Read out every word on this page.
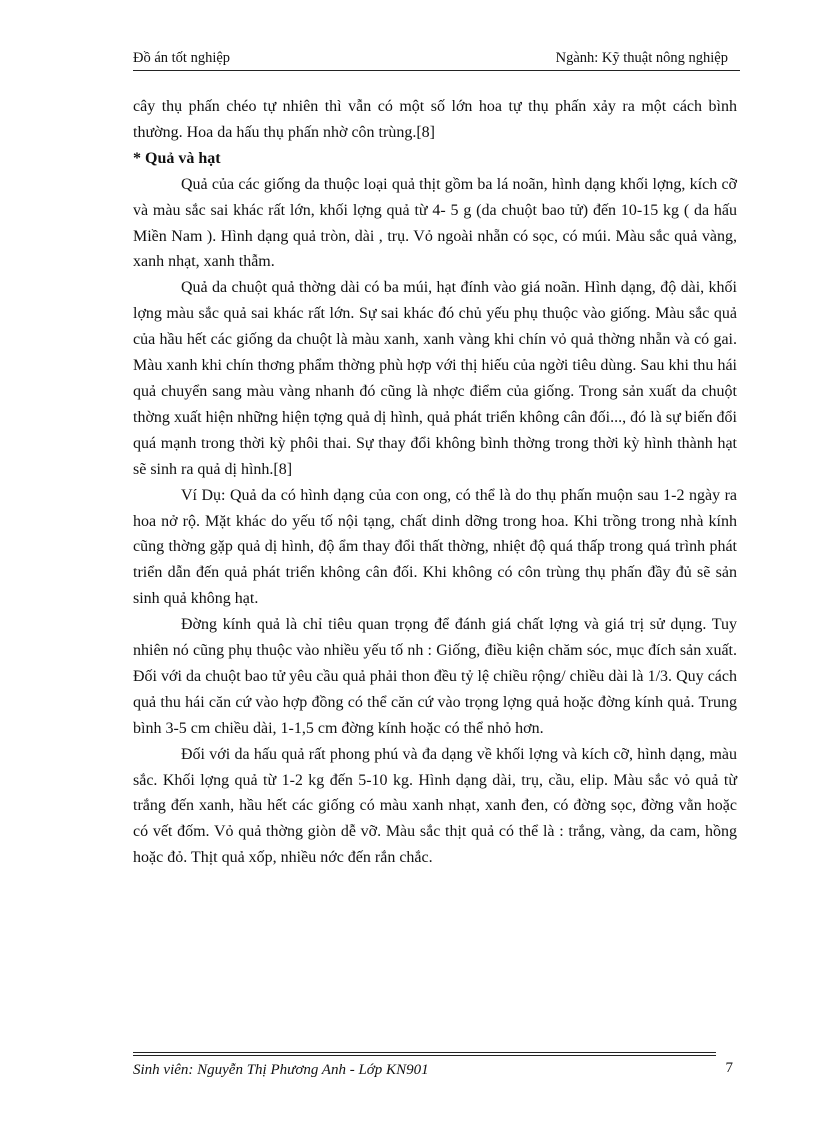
Đồ án tốt nghiệp	Ngành: Kỹ thuật nông nghiệp

cây thụ phấn chéo tự nhiên thì vẫn có một số lớn hoa tự thụ phấn xảy ra một cách bình thường. Hoa da hấu thụ phấn nhờ côn trùng.[8]

* Quả và hạt

Quả của các giống da thuộc loại quả thịt gồm ba lá noãn, hình dạng khối lợng, kích cỡ và màu sắc sai khác rất lớn, khối lợng quả từ 4- 5 g (da chuột bao tử) đến 10-15 kg ( da hấu Miền Nam ). Hình dạng quả tròn, dài , trụ. Vỏ ngoài nhẵn có sọc, có múi. Màu sắc quả vàng, xanh nhạt, xanh thẫm.

Quả da chuột quả thờng dài có ba múi, hạt đính vào giá noãn. Hình dạng, độ dài, khối lợng màu sắc quả sai khác rất lớn. Sự sai khác đó chủ yếu phụ thuộc vào giống. Màu sắc quả của hầu hết các giống da chuột là màu xanh, xanh vàng khi chín vỏ quả thờng nhẵn và có gai. Màu xanh khi chín thơng phẩm thờng phù hợp với thị hiếu của ngời tiêu dùng. Sau khi thu hái quả chuyển sang màu vàng nhanh đó cũng là nhợc điểm của giống. Trong sản xuất da chuột thờng xuất hiện những hiện tợng quả dị hình, quả phát triển không cân đối..., đó là sự biến đổi quá mạnh trong thời kỳ phôi thai. Sự thay đổi không bình thờng trong thời kỳ hình thành hạt sẽ sinh ra quả dị hình.[8]

Ví Dụ: Quả da có hình dạng của con ong, có thể là do thụ phấn muộn sau 1-2 ngày ra hoa nở rộ. Mặt khác do yếu tố nội tạng, chất dinh dỡng trong hoa. Khi trồng trong nhà kính cũng thờng gặp quả dị hình, độ ẩm thay đổi thất thờng, nhiệt độ quá thấp trong quá trình phát triển dẫn đến quả phát triển không cân đối. Khi không có côn trùng thụ phấn đầy đủ sẽ sản sinh quả không hạt.

Đờng kính quả là chỉ tiêu quan trọng để đánh giá chất lợng và giá trị sử dụng. Tuy nhiên nó cũng phụ thuộc vào nhiều yếu tố nh : Giống, điều kiện chăm sóc, mục đích sản xuất. Đối với da chuột bao tử yêu cầu quả phải thon đều tỷ lệ chiều rộng/ chiều dài là 1/3. Quy cách quả thu hái căn cứ vào hợp đồng có thể căn cứ vào trọng lợng quả hoặc đờng kính quả. Trung bình 3-5 cm chiều dài, 1-1,5 cm đờng kính hoặc có thể nhỏ hơn.

Đối với da hấu quả rất phong phú và đa dạng về khối lợng và kích cỡ, hình dạng, màu sắc. Khối lợng quả từ 1-2 kg đến 5-10 kg. Hình dạng dài, trụ, cầu, elip. Màu sắc vỏ quả từ trắng đến xanh, hầu hết các giống có màu xanh nhạt, xanh đen, có đờng sọc, đờng vằn hoặc có vết đốm. Vỏ quả thờng giòn dễ vỡ. Màu sắc thịt quả có thể là : trắng, vàng, da cam, hồng hoặc đỏ. Thịt quả xốp, nhiều nớc đến rắn chắc.

Sinh viên: Nguyễn Thị Phương Anh - Lớp KN901	7
